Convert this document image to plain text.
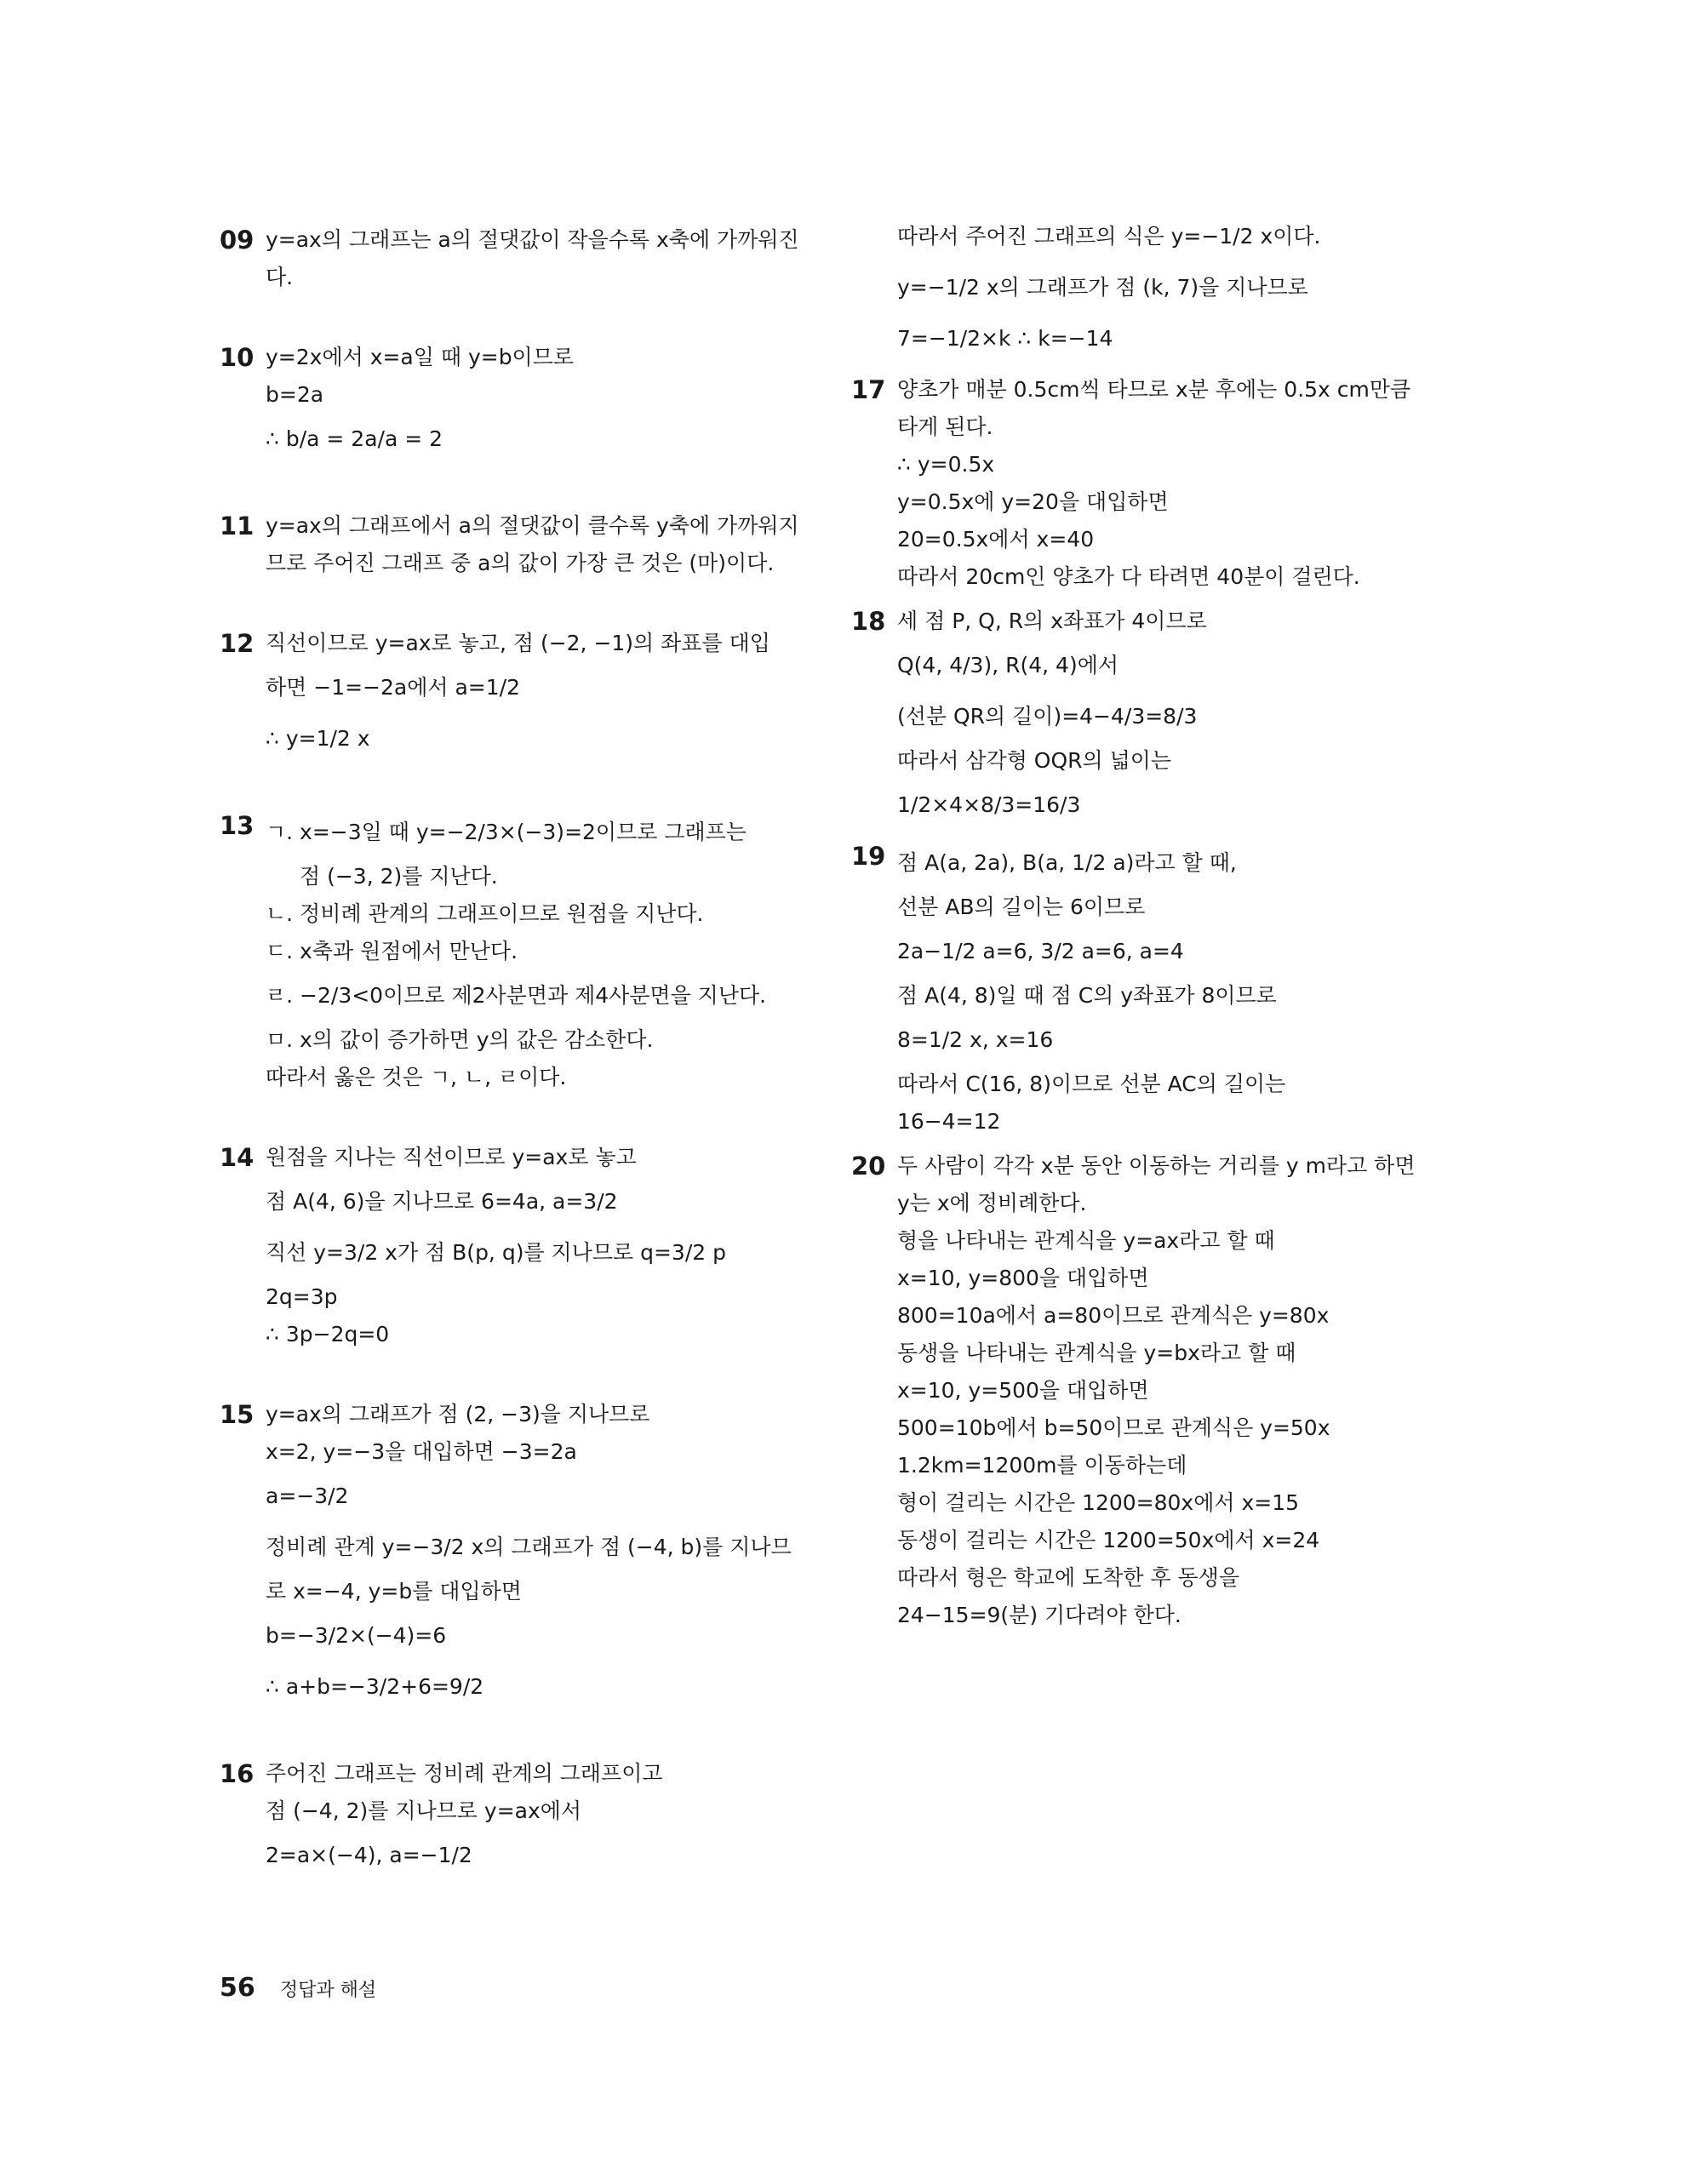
09 y=ax의 그래프는 a의 절댓값이 작을수록 x축에 가까워진
다.
10 y=2x에서 x=a일 때 y=b이므로
b=2a
∴ b/a = 2a/a = 2
11 y=ax의 그래프에서 a의 절댓값이 클수록 y축에 가까워지
므로 주어진 그래프 중 a의 값이 가장 큰 것은 (마)이다.
12 직선이므로 y=ax로 놓고, 점 (−2, −1)의 좌표를 대입
하면 −1=−2a에서 a=1/2
∴ y=1/2 x
13 ㄱ. x=−3일 때 y=−2/3×(−3)=2이므로 그래프는
점 (−3, 2)를 지난다.
ㄴ. 정비례 관계의 그래프이므로 원점을 지난다.
ㄷ. x축과 원점에서 만난다.
ㄹ. −2/3<0이므로 제2사분면과 제4사분면을 지난다.
ㅁ. x의 값이 증가하면 y의 값은 감소한다.
따라서 옳은 것은 ㄱ, ㄴ, ㄹ이다.
14 원점을 지나는 직선이므로 y=ax로 놓고
점 A(4, 6)을 지나므로 6=4a, a=3/2
직선 y=3/2 x가 점 B(p, q)를 지나므로 q=3/2 p
2q=3p
∴ 3p−2q=0
15 y=ax의 그래프가 점 (2, −3)을 지나므로
x=2, y=−3을 대입하면 −3=2a
a=−3/2
정비례 관계 y=−3/2 x의 그래프가 점 (−4, b)를 지나므
로 x=−4, y=b를 대입하면
b=−3/2×(−4)=6
∴ a+b=−3/2+6=9/2
16 주어진 그래프는 정비례 관계의 그래프이고
점 (−4, 2)를 지나므로 y=ax에서
2=a×(−4), a=−1/2
따라서 주어진 그래프의 식은 y=−1/2 x이다.
y=−1/2 x의 그래프가 점 (k, 7)을 지나므로
7=−1/2×k ∴ k=−14
17 양초가 매분 0.5cm씩 타므로 x분 후에는 0.5x cm만큼
타게 된다.
∴ y=0.5x
y=0.5x에 y=20을 대입하면
20=0.5x에서 x=40
따라서 20cm인 양초가 다 타려면 40분이 걸린다.
18 세 점 P, Q, R의 x좌표가 4이므로
Q(4, 4/3), R(4, 4)에서
(선분 QR의 길이)=4−4/3=8/3
따라서 삼각형 OQR의 넓이는
1/2×4×8/3=16/3
19 점 A(a, 2a), B(a, 1/2 a)라고 할 때,
선분 AB의 길이는 6이므로
2a−1/2 a=6, 3/2 a=6, a=4
점 A(4, 8)일 때 점 C의 y좌표가 8이므로
8=1/2 x, x=16
따라서 C(16, 8)이므로 선분 AC의 길이는
16−4=12
20 두 사람이 각각 x분 동안 이동하는 거리를 y m라고 하면
y는 x에 정비례한다.
형을 나타내는 관계식을 y=ax라고 할 때
x=10, y=800을 대입하면
800=10a에서 a=80이므로 관계식은 y=80x
동생을 나타내는 관계식을 y=bx라고 할 때
x=10, y=500을 대입하면
500=10b에서 b=50이므로 관계식은 y=50x
1.2km=1200m를 이동하는데
형이 걸리는 시간은 1200=80x에서 x=15
동생이 걸리는 시간은 1200=50x에서 x=24
따라서 형은 학교에 도착한 후 동생을
24−15=9(분) 기다려야 한다.
56 정답과 해설
